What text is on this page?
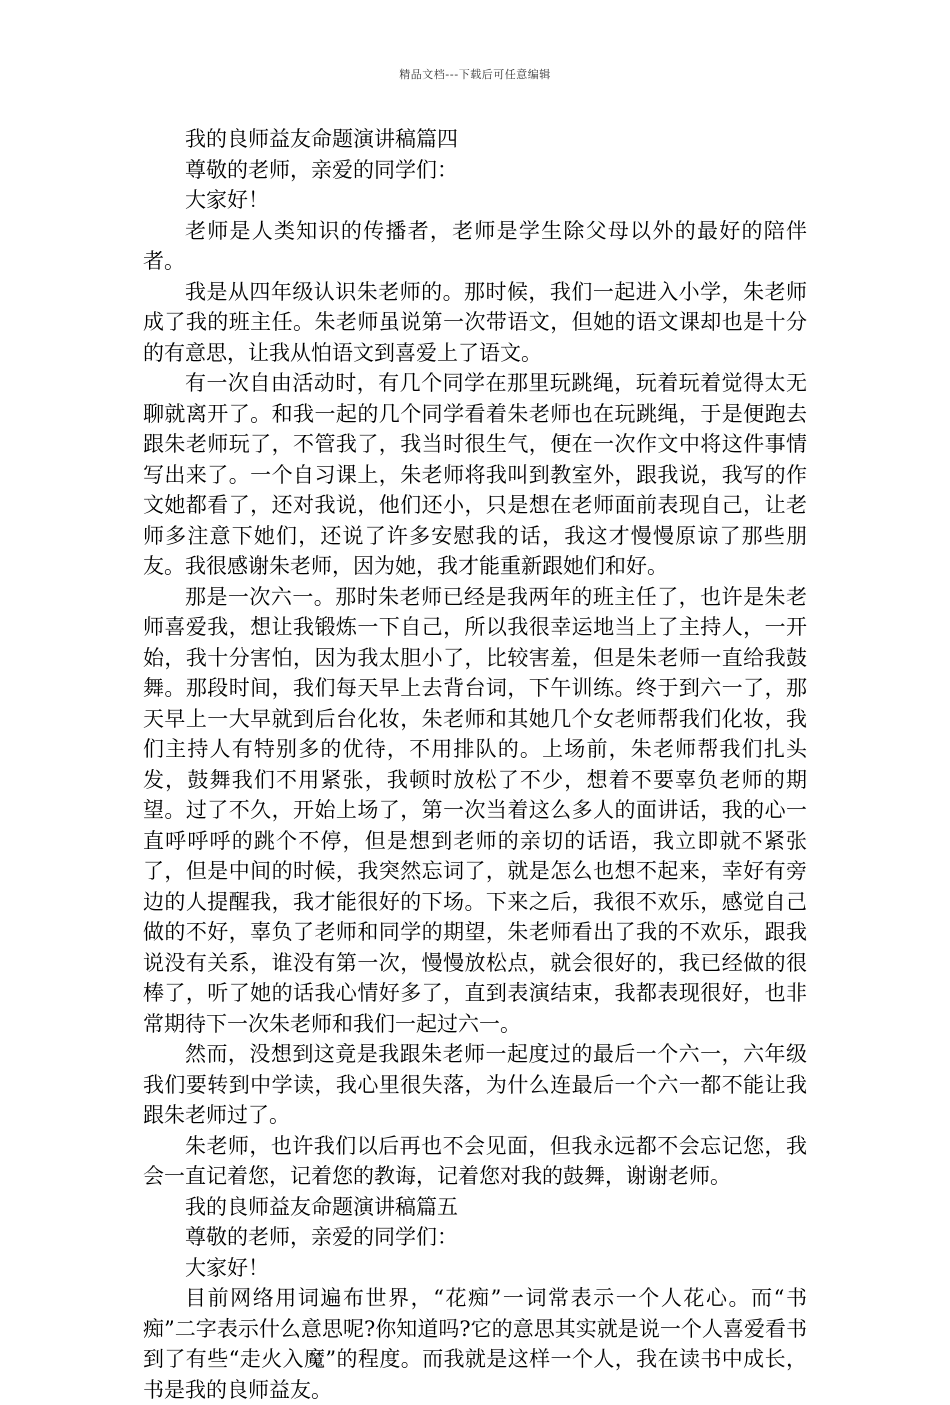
精品文档---下载后可任意编辑

我的良师益友命题演讲稿篇四

尊敬的老师，亲爱的同学们：

大家好！

老师是人类知识的传播者，老师是学生除父母以外的最好的陪伴者。

我是从四年级认识朱老师的。那时候，我们一起进入小学，朱老师成了我的班主任。朱老师虽说第一次带语文，但她的语文课却也是十分的有意思，让我从怕语文到喜爱上了语文。

有一次自由活动时，有几个同学在那里玩跳绳，玩着玩着觉得太无聊就离开了。和我一起的几个同学看着朱老师也在玩跳绳，于是便跑去跟朱老师玩了，不管我了，我当时很生气，便在一次作文中将这件事情写出来了。一个自习课上，朱老师将我叫到教室外，跟我说，我写的作文她都看了，还对我说，他们还小，只是想在老师面前表现自己，让老师多注意下她们，还说了许多安慰我的话，我这才慢慢原谅了那些朋友。我很感谢朱老师，因为她，我才能重新跟她们和好。

那是一次六一。那时朱老师已经是我两年的班主任了，也许是朱老师喜爱我，想让我锻炼一下自己，所以我很幸运地当上了主持人，一开始，我十分害怕，因为我太胆小了，比较害羞，但是朱老师一直给我鼓舞。那段时间，我们每天早上去背台词，下午训练。终于到六一了，那天早上一大早就到后台化妆，朱老师和其她几个女老师帮我们化妆，我们主持人有特别多的优待，不用排队的。上场前，朱老师帮我们扎头发，鼓舞我们不用紧张，我顿时放松了不少，想着不要辜负老师的期望。过了不久，开始上场了，第一次当着这么多人的面讲话，我的心一直呼呼呼的跳个不停，但是想到老师的亲切的话语，我立即就不紧张了，但是中间的时候，我突然忘词了，就是怎么也想不起来，幸好有旁边的人提醒我，我才能很好的下场。下来之后，我很不欢乐，感觉自己做的不好，辜负了老师和同学的期望，朱老师看出了我的不欢乐，跟我说没有关系，谁没有第一次，慢慢放松点，就会很好的，我已经做的很棒了，听了她的话我心情好多了，直到表演结束，我都表现很好，也非常期待下一次朱老师和我们一起过六一。

然而，没想到这竟是我跟朱老师一起度过的最后一个六一，六年级我们要转到中学读，我心里很失落，为什么连最后一个六一都不能让我跟朱老师过了。

朱老师，也许我们以后再也不会见面，但我永远都不会忘记您，我会一直记着您，记着您的教诲，记着您对我的鼓舞，谢谢老师。

我的良师益友命题演讲稿篇五

尊敬的老师，亲爱的同学们：

大家好！

目前网络用词遍布世界，“花痴”一词常表示一个人花心。而“书痴”二字表示什么意思呢?你知道吗?它的意思其实就是说一个人喜爱看书到了有些“走火入魔”的程度。而我就是这样一个人，我在读书中成长，书是我的良师益友。
